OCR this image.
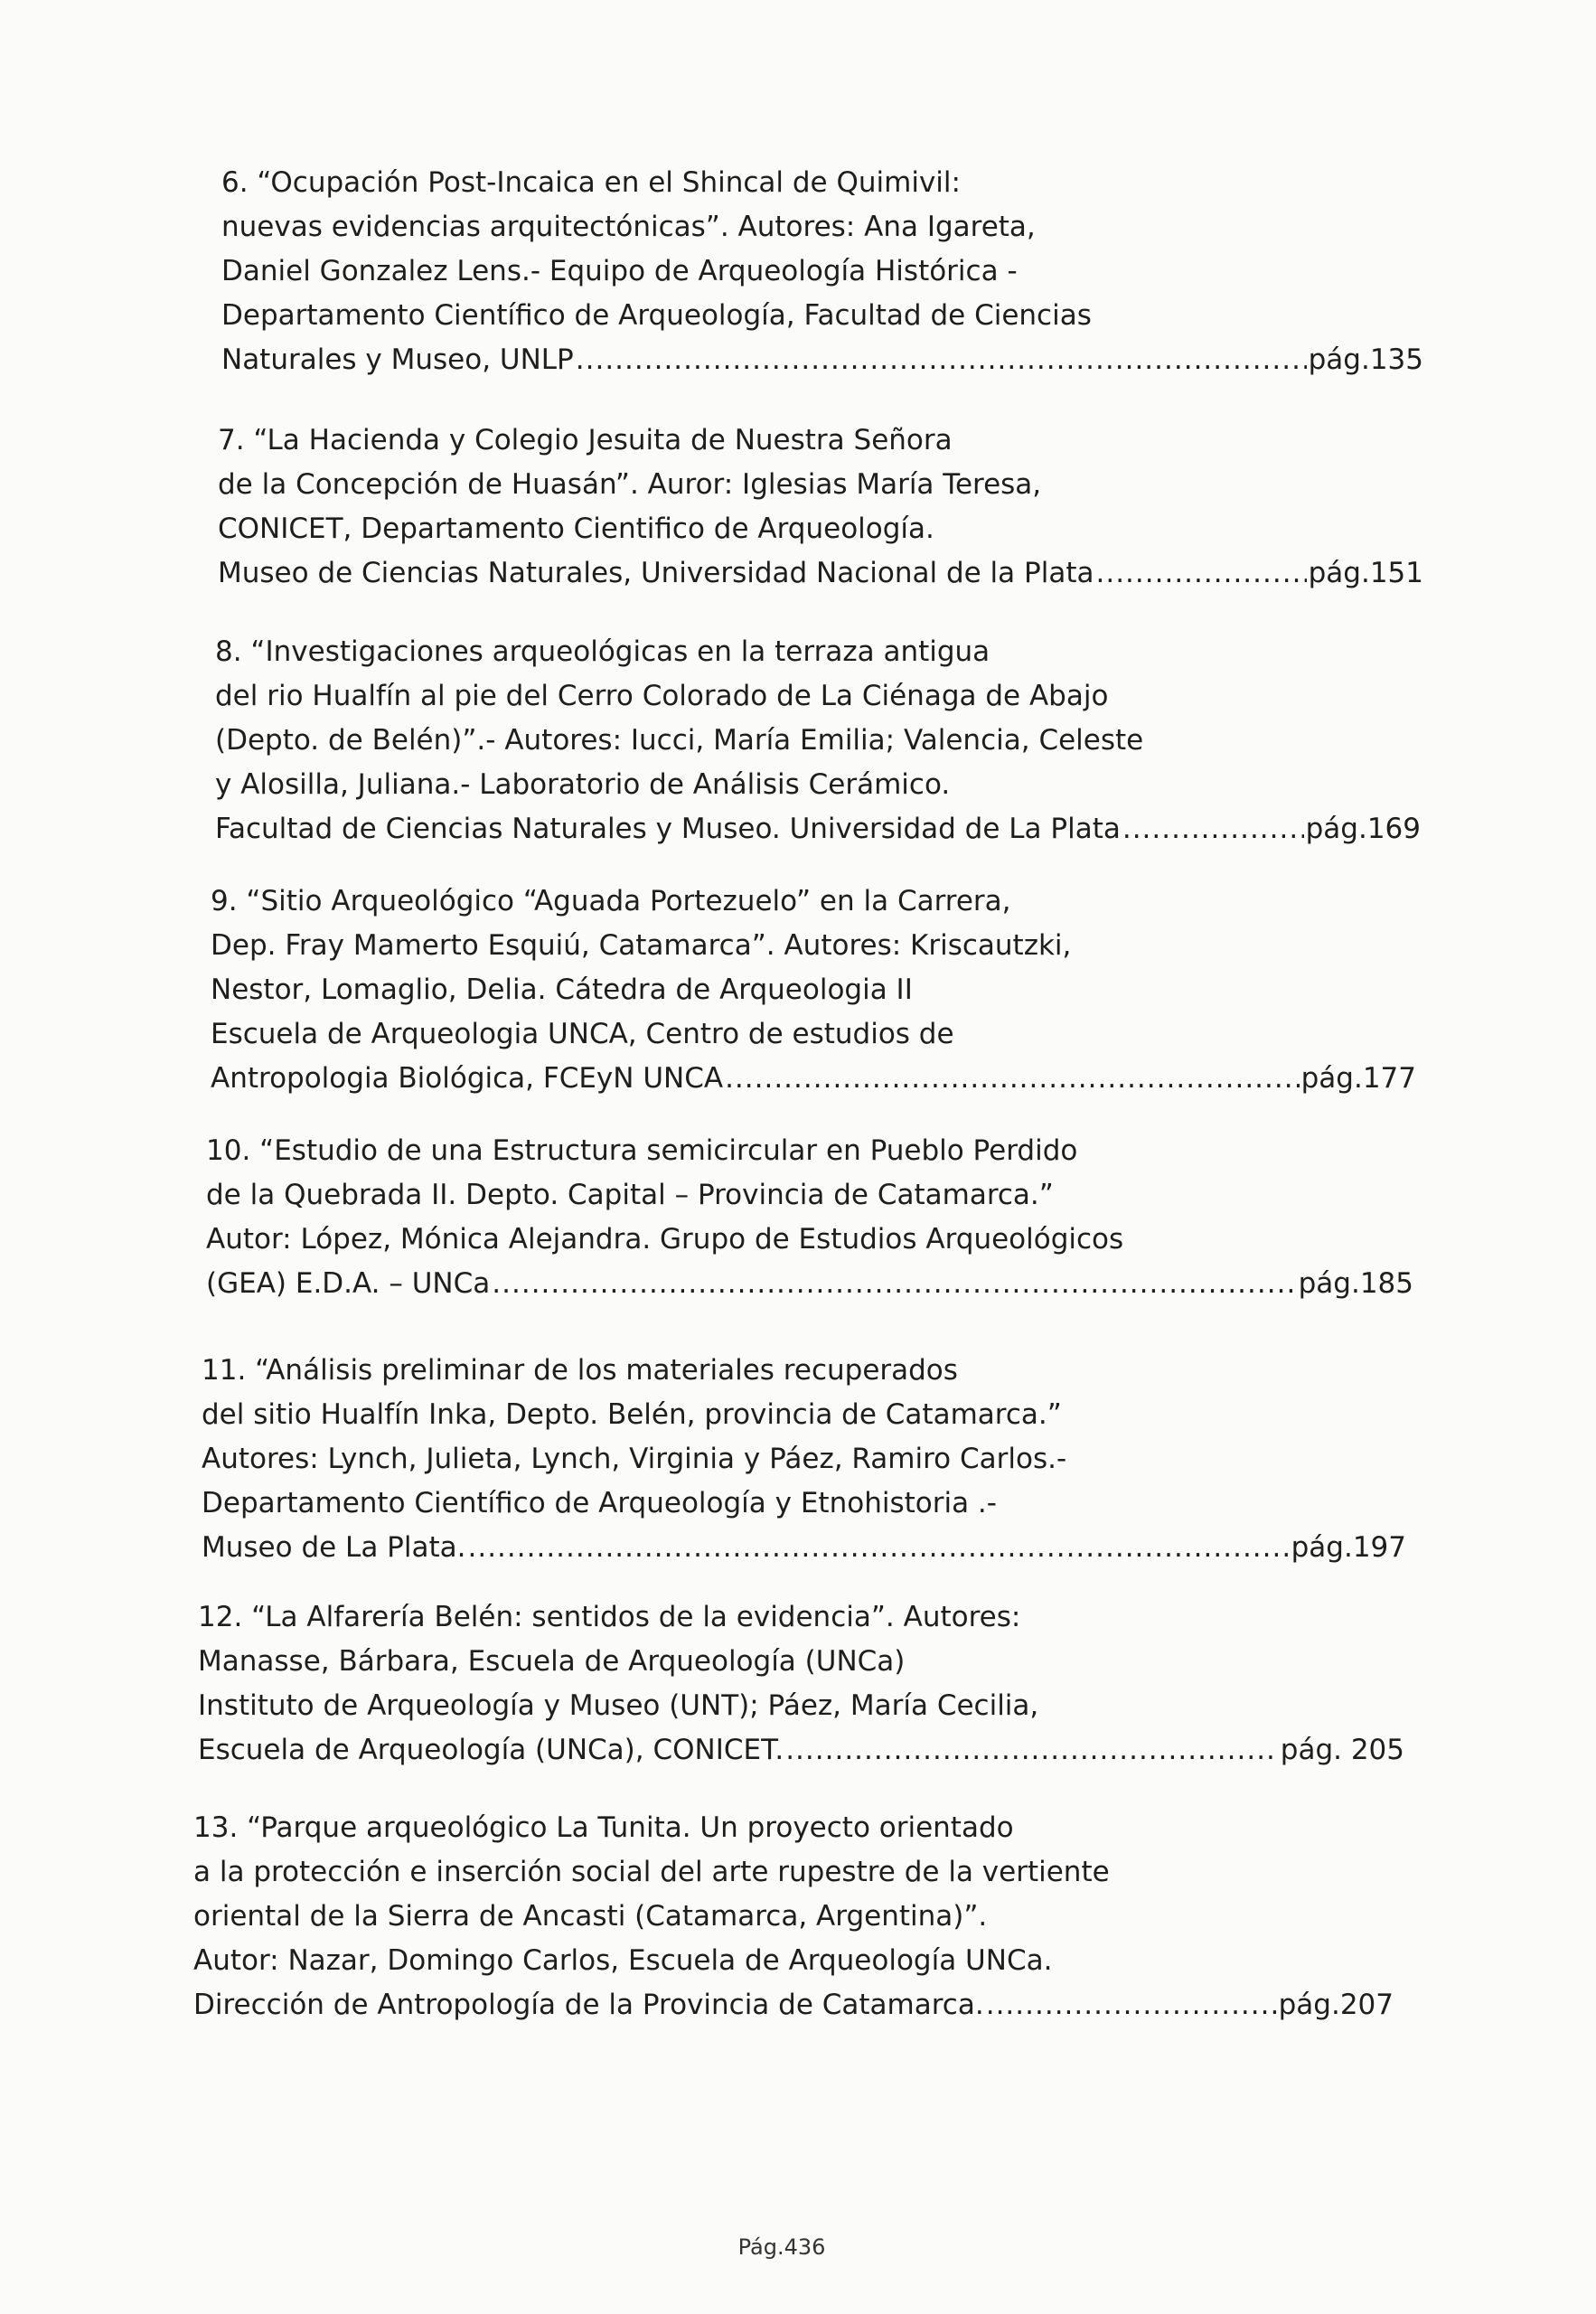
6. “Ocupación Post-Incaica en el Shincal de Quimivil:
nuevas evidencias arquitectónicas”. Autores: Ana Igareta,
Daniel Gonzalez Lens.- Equipo de Arqueología Histórica -
Departamento Científico de Arqueología, Facultad de Ciencias
Naturales y Museo, UNLP .....	pág.135
7. “La Hacienda y Colegio Jesuita de Nuestra Señora
de la Concepción de Huasán”. Auror: Iglesias María Teresa,
CONICET, Departamento Cientifico de Arqueología.
Museo de Ciencias Naturales, Universidad Nacional de la Plata .....	pág.151
8. “Investigaciones arqueológicas en la terraza antigua
del rio Hualfín al pie del Cerro Colorado de La Ciénaga de Abajo
(Depto. de Belén)”.- Autores: Iucci, María Emilia; Valencia, Celeste
y Alosilla, Juliana.- Laboratorio de Análisis Cerámico.
Facultad de Ciencias Naturales y Museo. Universidad de La Plata .....	pág.169
9. “Sitio Arqueológico “Aguada Portezuelo” en la Carrera,
Dep. Fray Mamerto Esquiú, Catamarca”. Autores: Kriscautzki,
Nestor, Lomaglio, Delia. Cátedra de Arqueologia II
Escuela de Arqueologia UNCA, Centro de estudios de
Antropologia Biológica, FCEyN UNCA .....	pág.177
10. “Estudio de una Estructura semicircular en Pueblo Perdido
de la Quebrada II. Depto. Capital – Provincia de Catamarca.”
Autor: López, Mónica Alejandra. Grupo de Estudios Arqueológicos
(GEA) E.D.A. – UNCa .....	pág.185
11. “Análisis preliminar de los materiales recuperados
del sitio Hualfín Inka, Depto. Belén, provincia de Catamarca.”
Autores: Lynch, Julieta, Lynch, Virginia y Páez, Ramiro Carlos.-
Departamento Científico de Arqueología y Etnohistoria .-
Museo de La Plata. .....	pág.197
12. “La Alfarería Belén: sentidos de la evidencia”. Autores:
Manasse, Bárbara, Escuela de Arqueología (UNCa)
Instituto de Arqueología y Museo (UNT); Páez, María Cecilia,
Escuela de Arqueología (UNCa), CONICET. .....	pág. 205
13. “Parque arqueológico La Tunita. Un proyecto orientado
a la protección e inserción social del arte rupestre de la vertiente
oriental de la Sierra de Ancasti (Catamarca, Argentina)”.
Autor: Nazar, Domingo Carlos, Escuela de Arqueología UNCa.
Dirección de Antropología de la Provincia de Catamarca. .....	pág.207
Pág.436
